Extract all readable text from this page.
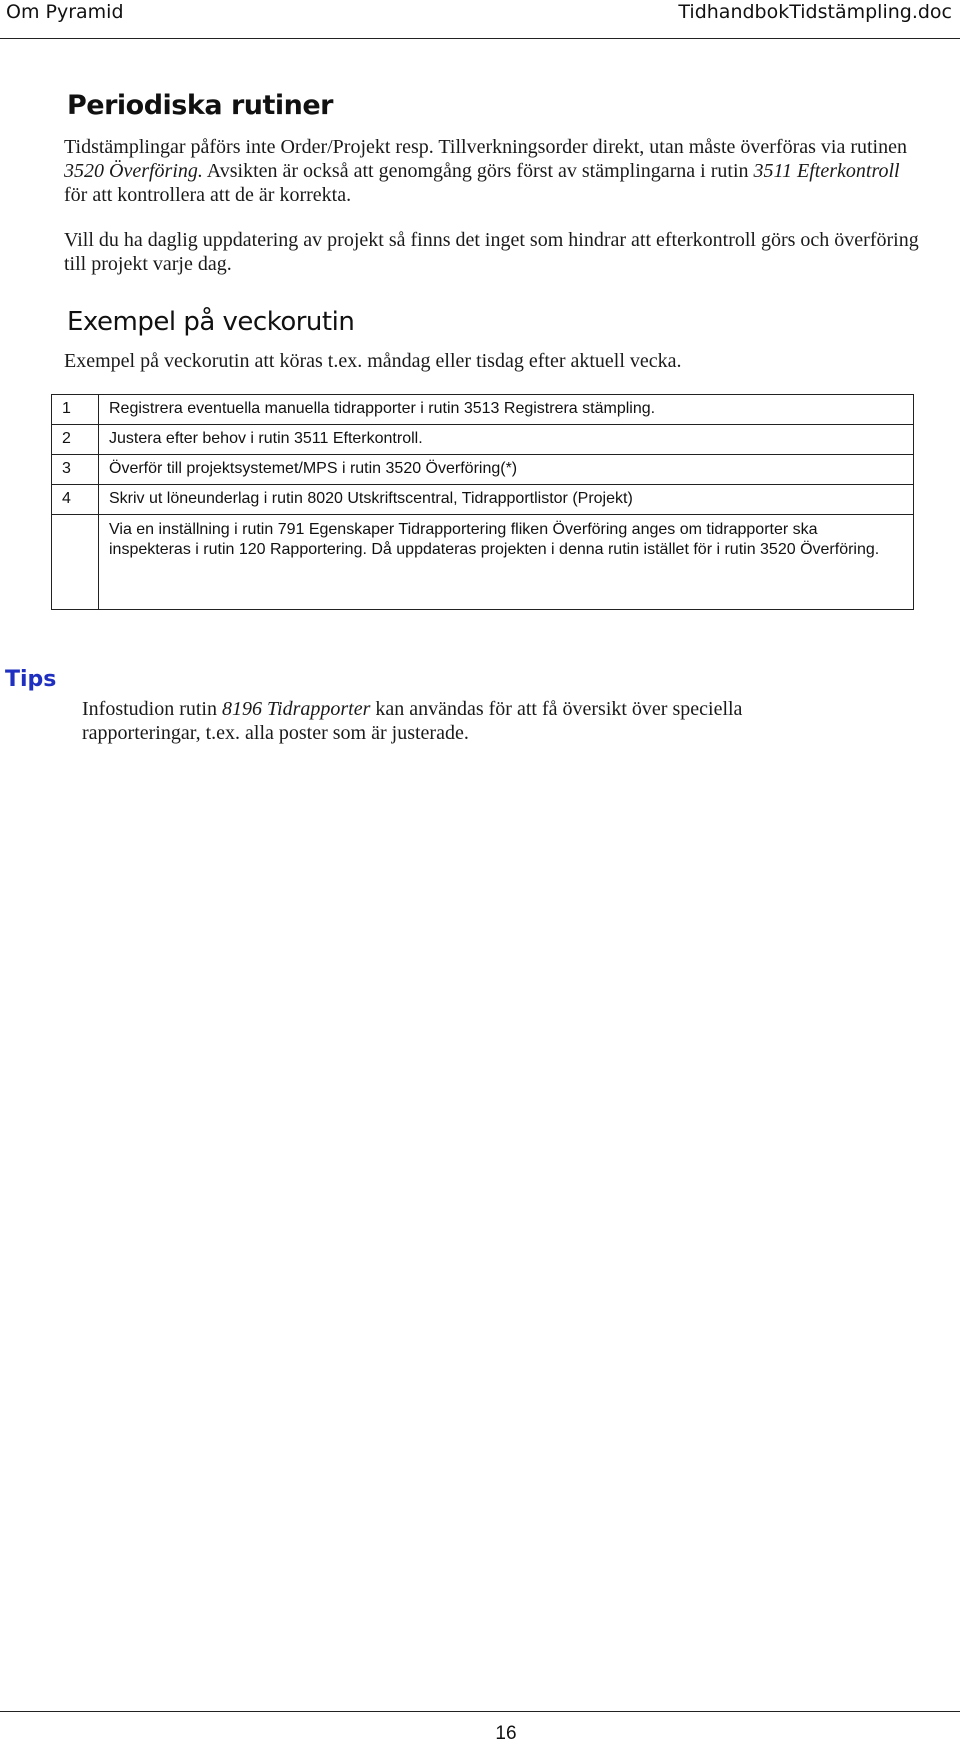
Om Pyramid	TidhandbokTidstämpling.doc
Periodiska rutiner
Tidstämplingar påförs inte Order/Projekt resp. Tillverkningsorder direkt, utan måste överföras via rutinen 3520 Överföring. Avsikten är också att genomgång görs först av stämplingarna i rutin 3511 Efterkontroll för att kontrollera att de är korrekta.
Vill du ha daglig uppdatering av projekt så finns det inget som hindrar att efterkontroll görs och överföring till projekt varje dag.
Exempel på veckorutin
Exempel på veckorutin att köras t.ex. måndag eller tisdag efter aktuell vecka.
1	Registrera eventuella manuella tidrapporter i rutin 3513 Registrera stämpling.
2	Justera efter behov i rutin 3511 Efterkontroll.
3	Överför till projektsystemet/MPS i rutin 3520 Överföring(*)
4	Skriv ut löneunderlag i rutin 8020 Utskriftscentral, Tidrapportlistor (Projekt)
	Via en inställning i rutin 791 Egenskaper Tidrapportering fliken Överföring anges om tidrapporter ska inspekteras i rutin 120 Rapportering. Då uppdateras projekten i denna rutin istället för i rutin 3520 Överföring.
Tips
Infostudion rutin 8196 Tidrapporter kan användas för att få översikt över speciella rapporteringar, t.ex. alla poster som är justerade.
16
